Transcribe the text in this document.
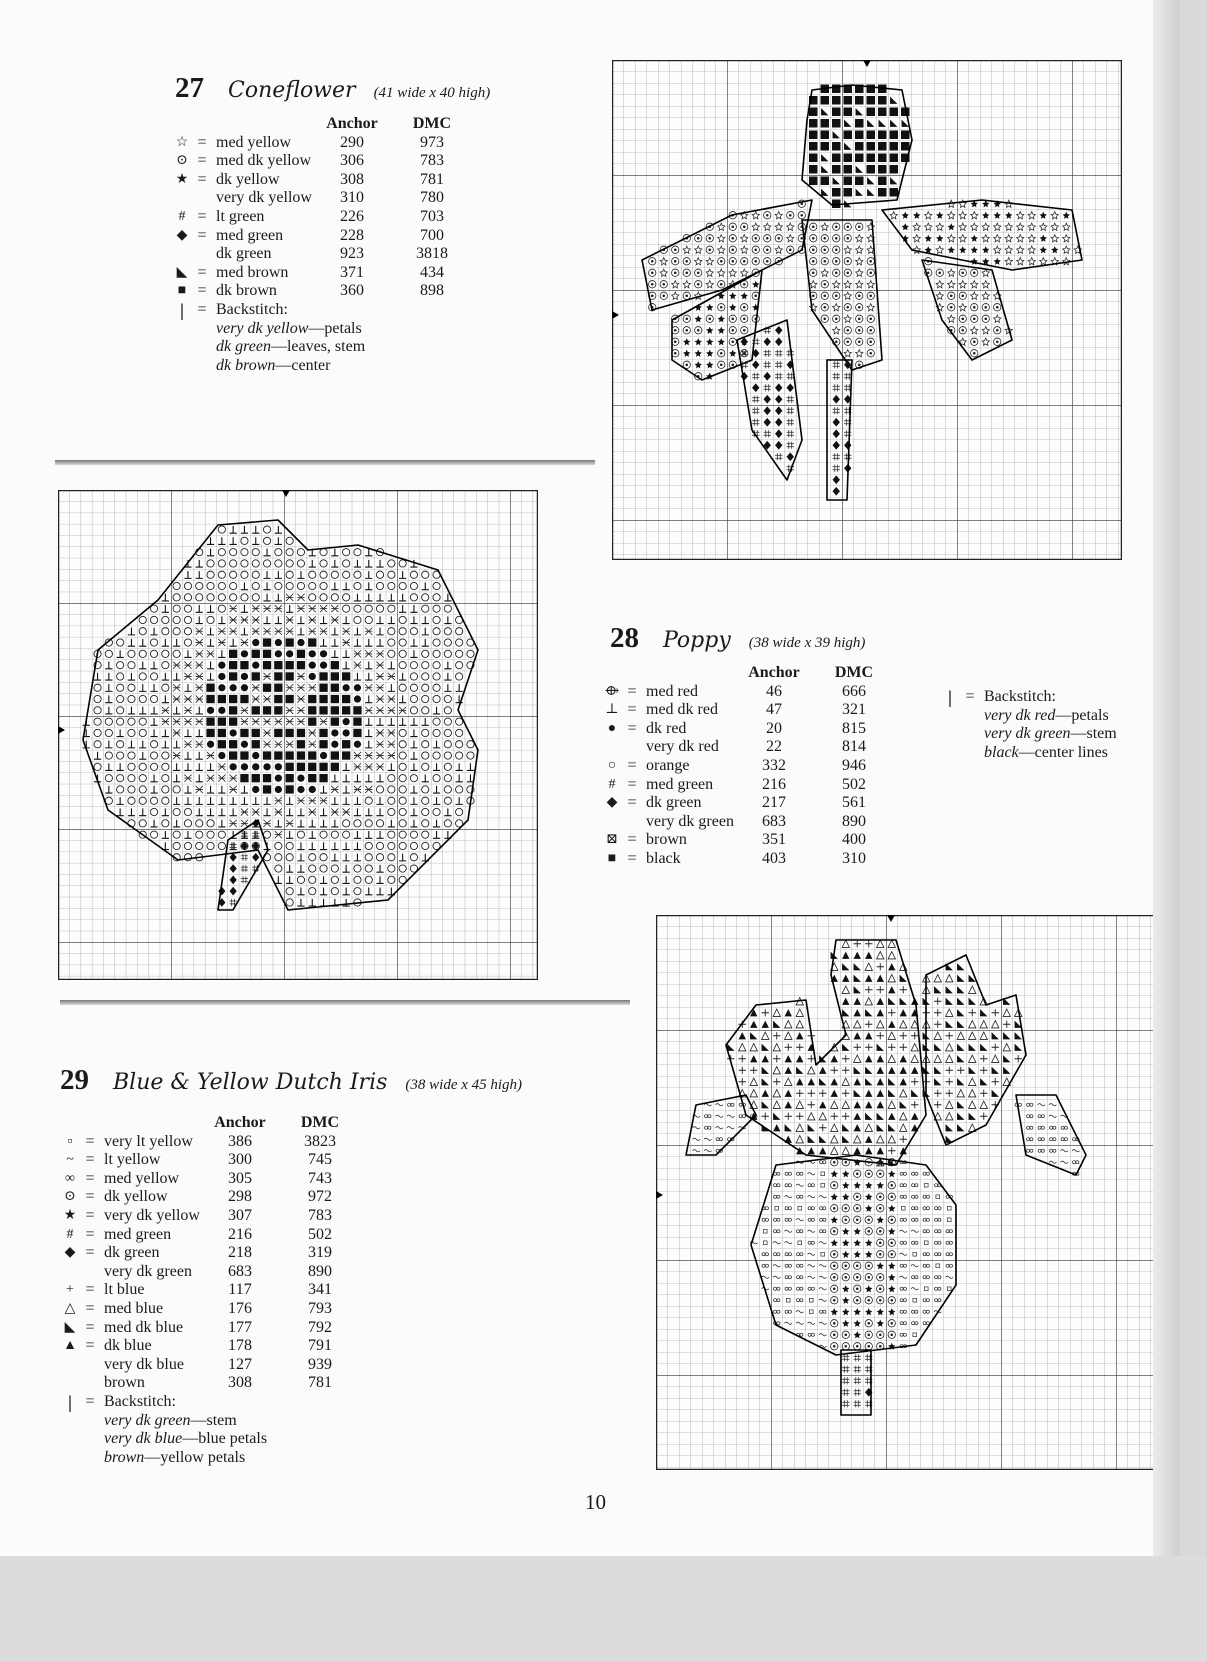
27 Coneflower (41 wide x 40 high)
			Anchor	DMC
☆	=	med yellow	290	973
⊙	=	med dk yellow	306	783
★	=	dk yellow	308	781
		very dk yellow	310	780
#	=	lt green	226	703
◆	=	med green	228	700
		dk green	923	3818
◣	=	med brown	371	434
■	=	dk brown	360	898
|	=	Backstitch:		
		very dk yellow—petals		
		dk green—leaves, stem		
		dk brown—center		
28 Poppy (38 wide x 39 high)
			Anchor	DMC
⟴	=	med red	46	666
⊥	=	med dk red	47	321
●	=	dk red	20	815
		very dk red	22	814
○	=	orange	332	946
#	=	med green	216	502
◆	=	dk green	217	561
		very dk green	683	890
⊠	=	brown	351	400
■	=	black	403	310
|	=	Backstitch:
		very dk red—petals
		very dk green—stem
		black—center lines
29 Blue & Yellow Dutch Iris (38 wide x 45 high)
			Anchor	DMC
▫	=	very lt yellow	386	3823
~	=	lt yellow	300	745
∞	=	med yellow	305	743
⊙	=	dk yellow	298	972
★	=	very dk yellow	307	783
#	=	med green	216	502
◆	=	dk green	218	319
		very dk green	683	890
+	=	lt blue	117	341
△	=	med blue	176	793
◣	=	med dk blue	177	792
▲	=	dk blue	178	791
		very dk blue	127	939
		brown	308	781
|	=	Backstitch:		
		very dk green—stem		
		very dk blue—blue petals		
		brown—yellow petals		
10
